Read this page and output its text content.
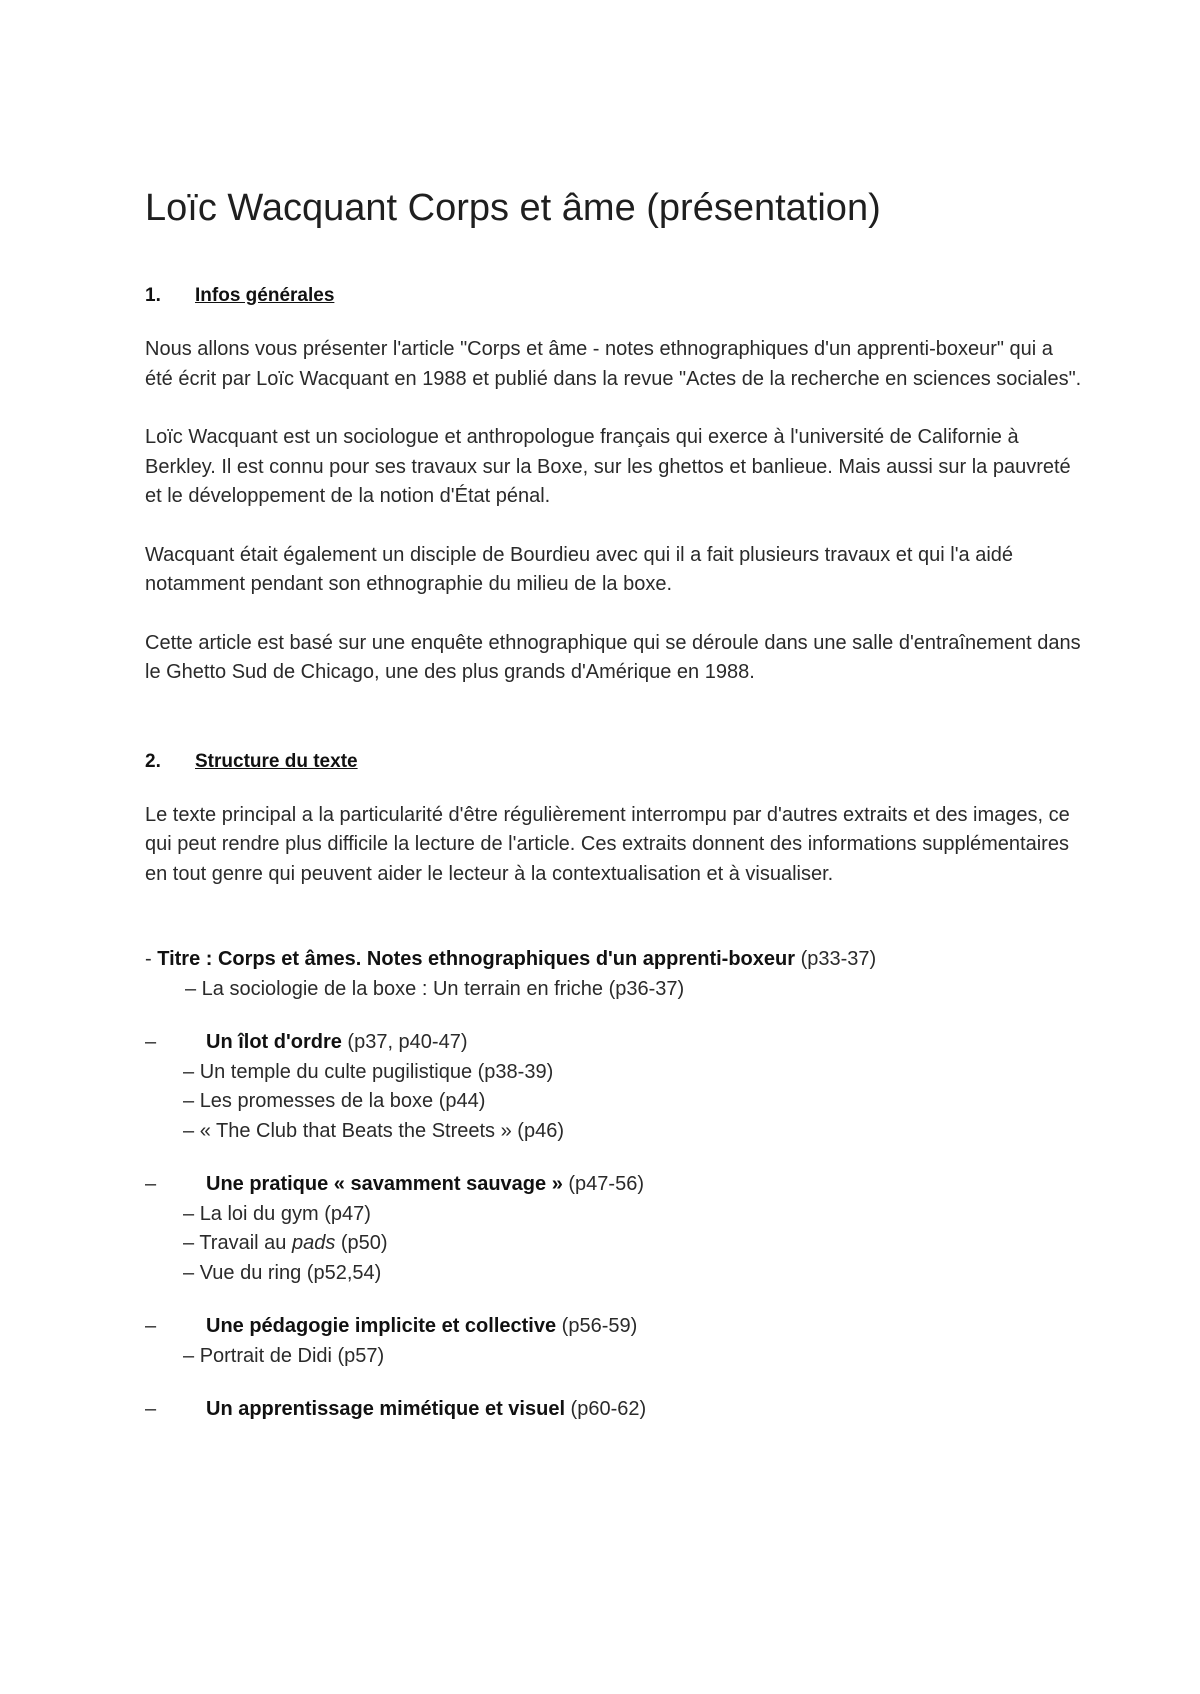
Loïc Wacquant Corps et âme (présentation)
1. Infos générales

Nous allons vous présenter l'article "Corps et âme - notes ethnographiques d'un apprenti-boxeur" qui a été écrit par Loïc Wacquant en 1988 et publié dans la revue "Actes de la recherche en sciences sociales".

Loïc Wacquant est un sociologue et anthropologue français qui exerce à l'université de Californie à Berkley. Il est connu pour ses travaux sur la Boxe, sur les ghettos et banlieue. Mais aussi sur la pauvreté et le développement de la notion d'État pénal.

Wacquant était également un disciple de Bourdieu avec qui il a fait plusieurs travaux et qui l'a aidé notamment pendant son ethnographie du milieu de la boxe.

Cette article est basé sur une enquête ethnographique qui se déroule dans une salle d'entraînement dans le Ghetto Sud de Chicago, une des plus grands d'Amérique en 1988.

2. Structure du texte

Le texte principal a la particularité d'être régulièrement interrompu par d'autres extraits et des images, ce qui peut rendre plus difficile la lecture de l'article. Ces extraits donnent des informations supplémentaires en tout genre qui peuvent aider le lecteur à la contextualisation et à visualiser.

- Titre : Corps et âmes. Notes ethnographiques d'un apprenti-boxeur (p33-37)
– La sociologie de la boxe : Un terrain en friche (p36-37)
– Un îlot d'ordre (p37, p40-47)
– Un temple du culte pugilistique (p38-39)
– Les promesses de la boxe (p44)
– « The Club that Beats the Streets » (p46)
– Une pratique « savamment sauvage » (p47-56)
– La loi du gym (p47)
– Travail au pads (p50)
– Vue du ring (p52,54)
– Une pédagogie implicite et collective (p56-59)
– Portrait de Didi (p57)
– Un apprentissage mimétique et visuel (p60-62)
